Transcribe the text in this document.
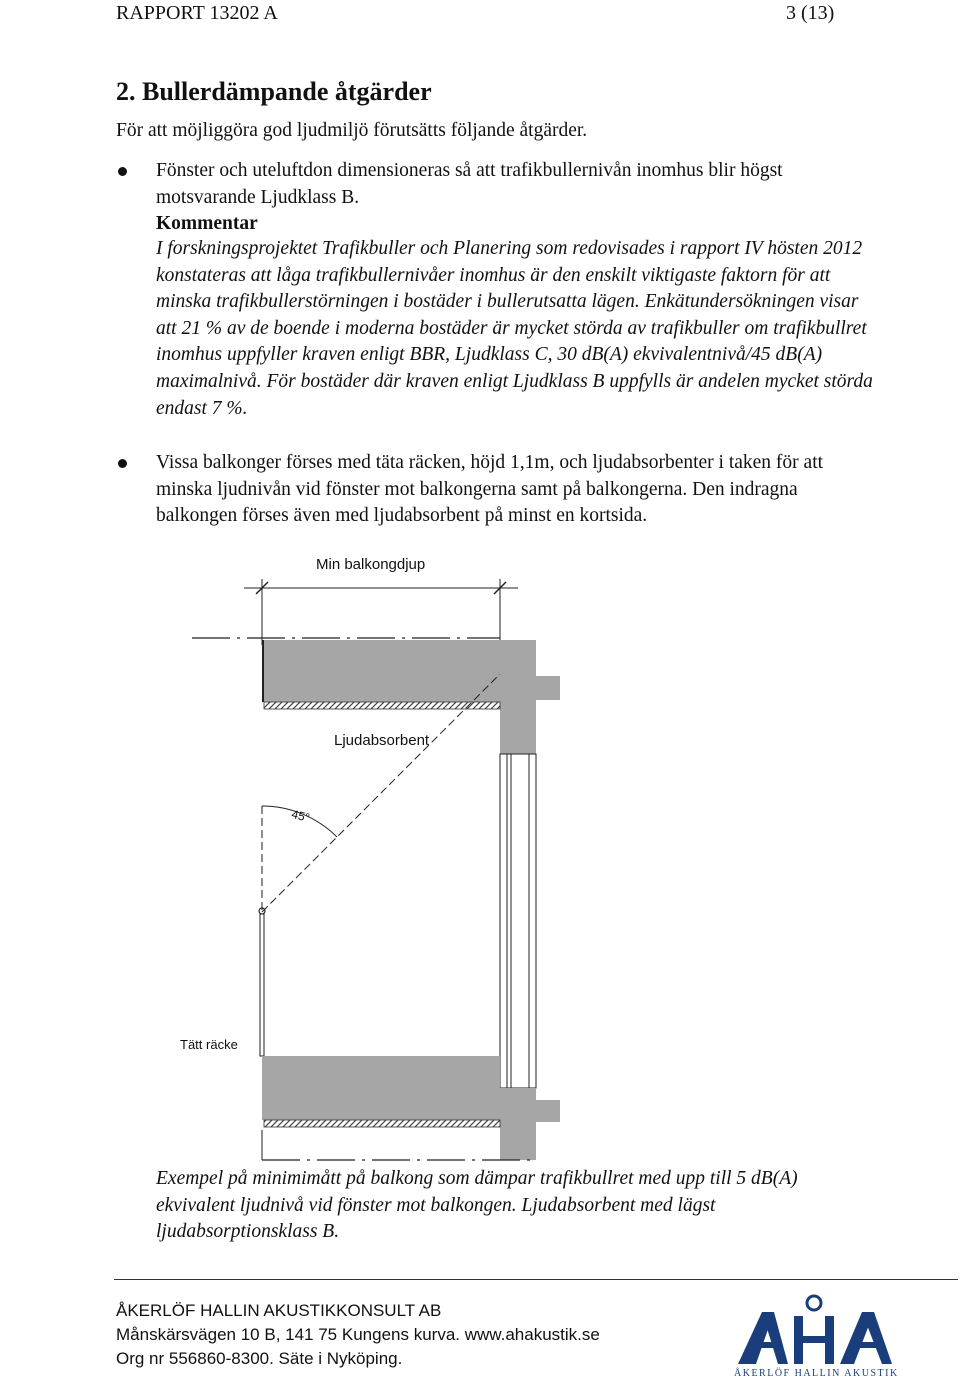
RAPPORT 13202 A	3 (13)
2. Bullerdämpande åtgärder
För att möjliggöra god ljudmiljö förutsätts följande åtgärder.
Fönster och uteluftdon dimensioneras så att trafikbullernivån inomhus blir högst motsvarande Ljudklass B.
Kommentar
I forskningsprojektet Trafikbuller och Planering som redovisades i rapport IV hösten 2012 konstateras att låga trafikbullernivåer inomhus är den enskilt viktigaste faktorn för att minska trafikbullerstörningen i bostäder i bullerutsatta lägen. Enkätundersökningen visar att 21 % av de boende i moderna bostäder är mycket störda av trafikbuller om trafikbullret inomhus uppfyller kraven enligt BBR, Ljudklass C, 30 dB(A) ekvivalentnivå/45 dB(A) maximalnivå. För bostäder där kraven enligt Ljudklass B uppfylls är andelen mycket störda endast 7 %.
Vissa balkonger förses med täta räcken, höjd 1,1m, och ljudabsorbenter i taken för att minska ljudnivån vid fönster mot balkongerna samt på balkongerna. Den indragna balkongen förses även med ljudabsorbent på minst en kortsida.
Min balkongdjup
Ljudabsorbent
45°
Tätt räcke
Exempel på minimimått på balkong som dämpar trafikbullret med upp till 5 dB(A) ekvivalent ljudnivå vid fönster mot balkongen. Ljudabsorbent med lägst ljudabsorptionsklass B.
ÅKERLÖF HALLIN AKUSTIKKONSULT AB
Månskärsvägen 10 B, 141 75 Kungens kurva. www.ahakustik.se
Org nr 556860-8300. Säte i Nyköping.
ÅKERLÖF HALLIN AKUSTIK
